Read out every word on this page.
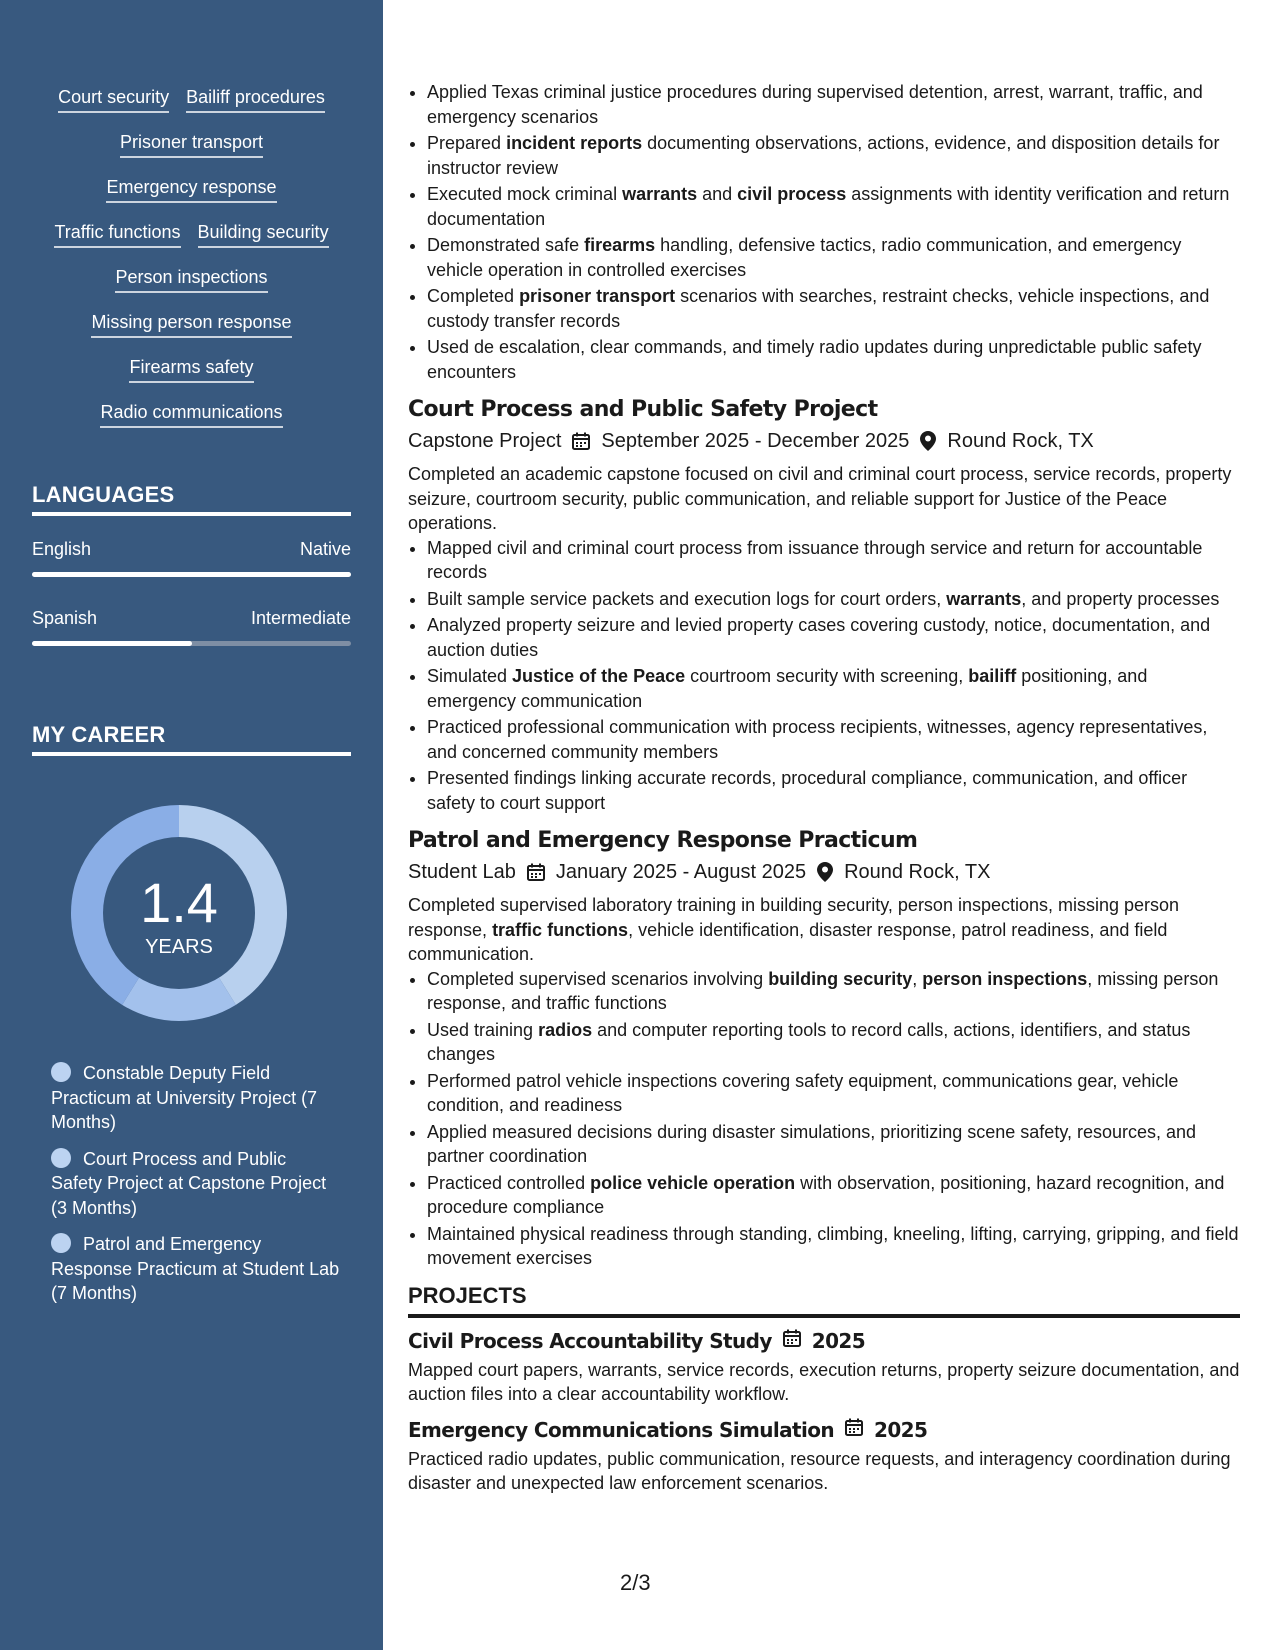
Court security Bailiff procedures
Prisoner transport
Emergency response
Traffic functions Building security
Person inspections
Missing person response
Firearms safety
Radio communications
LANGUAGES
English	Native
Spanish	Intermediate
MY CAREER
1.4
YEARS
Constable Deputy Field Practicum at University Project (7 Months)
Court Process and Public Safety Project at Capstone Project (3 Months)
Patrol and Emergency Response Practicum at Student Lab (7 Months)
• Applied Texas criminal justice procedures during supervised detention, arrest, warrant, traffic, and emergency scenarios
• Prepared incident reports documenting observations, actions, evidence, and disposition details for instructor review
• Executed mock criminal warrants and civil process assignments with identity verification and return documentation
• Demonstrated safe firearms handling, defensive tactics, radio communication, and emergency vehicle operation in controlled exercises
• Completed prisoner transport scenarios with searches, restraint checks, vehicle inspections, and custody transfer records
• Used de escalation, clear commands, and timely radio updates during unpredictable public safety encounters
Court Process and Public Safety Project
Capstone Project September 2025 - December 2025 Round Rock, TX
Completed an academic capstone focused on civil and criminal court process, service records, property seizure, courtroom security, public communication, and reliable support for Justice of the Peace operations.
• Mapped civil and criminal court process from issuance through service and return for accountable records
• Built sample service packets and execution logs for court orders, warrants, and property processes
• Analyzed property seizure and levied property cases covering custody, notice, documentation, and auction duties
• Simulated Justice of the Peace courtroom security with screening, bailiff positioning, and emergency communication
• Practiced professional communication with process recipients, witnesses, agency representatives, and concerned community members
• Presented findings linking accurate records, procedural compliance, communication, and officer safety to court support
Patrol and Emergency Response Practicum
Student Lab January 2025 - August 2025 Round Rock, TX
Completed supervised laboratory training in building security, person inspections, missing person response, traffic functions, vehicle identification, disaster response, patrol readiness, and field communication.
• Completed supervised scenarios involving building security, person inspections, missing person response, and traffic functions
• Used training radios and computer reporting tools to record calls, actions, identifiers, and status changes
• Performed patrol vehicle inspections covering safety equipment, communications gear, vehicle condition, and readiness
• Applied measured decisions during disaster simulations, prioritizing scene safety, resources, and partner coordination
• Practiced controlled police vehicle operation with observation, positioning, hazard recognition, and procedure compliance
• Maintained physical readiness through standing, climbing, kneeling, lifting, carrying, gripping, and field movement exercises
PROJECTS
Civil Process Accountability Study 2025
Mapped court papers, warrants, service records, execution returns, property seizure documentation, and auction files into a clear accountability workflow.
Emergency Communications Simulation 2025
Practiced radio updates, public communication, resource requests, and interagency coordination during disaster and unexpected law enforcement scenarios.
2/3
